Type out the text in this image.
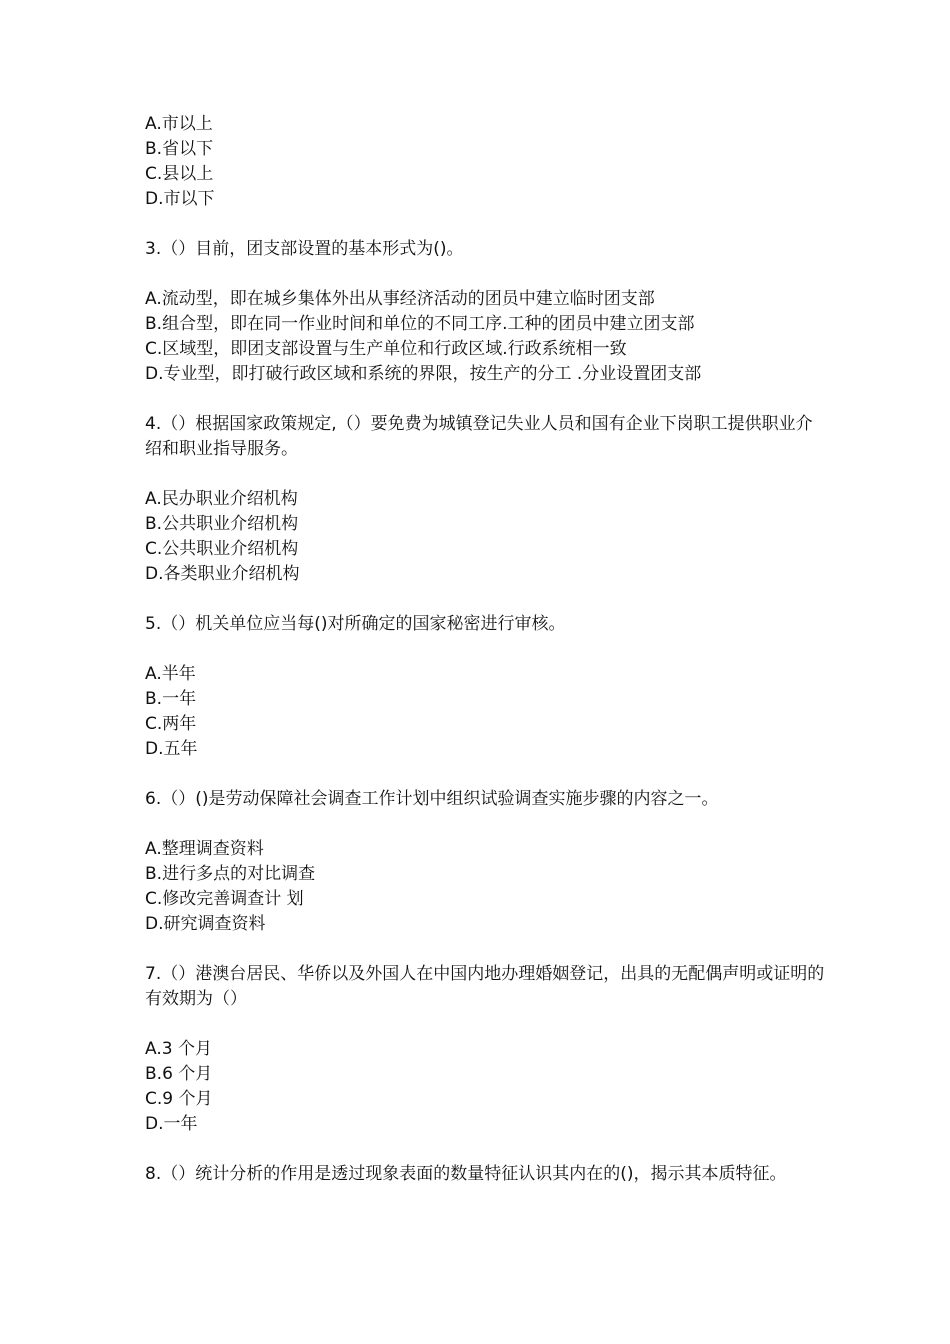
A.市以上
B.省以下
C.县以上
D.市以下
3.（）目前，团支部设置的基本形式为()。
A.流动型，即在城乡集体外出从事经济活动的团员中建立临时团支部
B.组合型，即在同一作业时间和单位的不同工序.工种的团员中建立团支部
C.区域型，即团支部设置与生产单位和行政区域.行政系统相一致
D.专业型，即打破行政区域和系统的界限，按生产的分工 .分业设置团支部
4.（）根据国家政策规定,（）要免费为城镇登记失业人员和国有企业下岗职工提供职业介绍和职业指导服务。
A.民办职业介绍机构
B.公共职业介绍机构
C.公共职业介绍机构
D.各类职业介绍机构
5.（）机关单位应当每()对所确定的国家秘密进行审核。
A.半年
B.一年
C.两年
D.五年
6.（）()是劳动保障社会调查工作计划中组织试验调查实施步骤的内容之一。
A.整理调查资料
B.进行多点的对比调查
C.修改完善调查计 划
D.研究调查资料
7.（）港澳台居民、华侨以及外国人在中国内地办理婚姻登记，出具的无配偶声明或证明的有效期为（）
A.3 个月
B.6 个月
C.9 个月
D.一年
8.（）统计分析的作用是透过现象表面的数量特征认识其内在的()，揭示其本质特征。
